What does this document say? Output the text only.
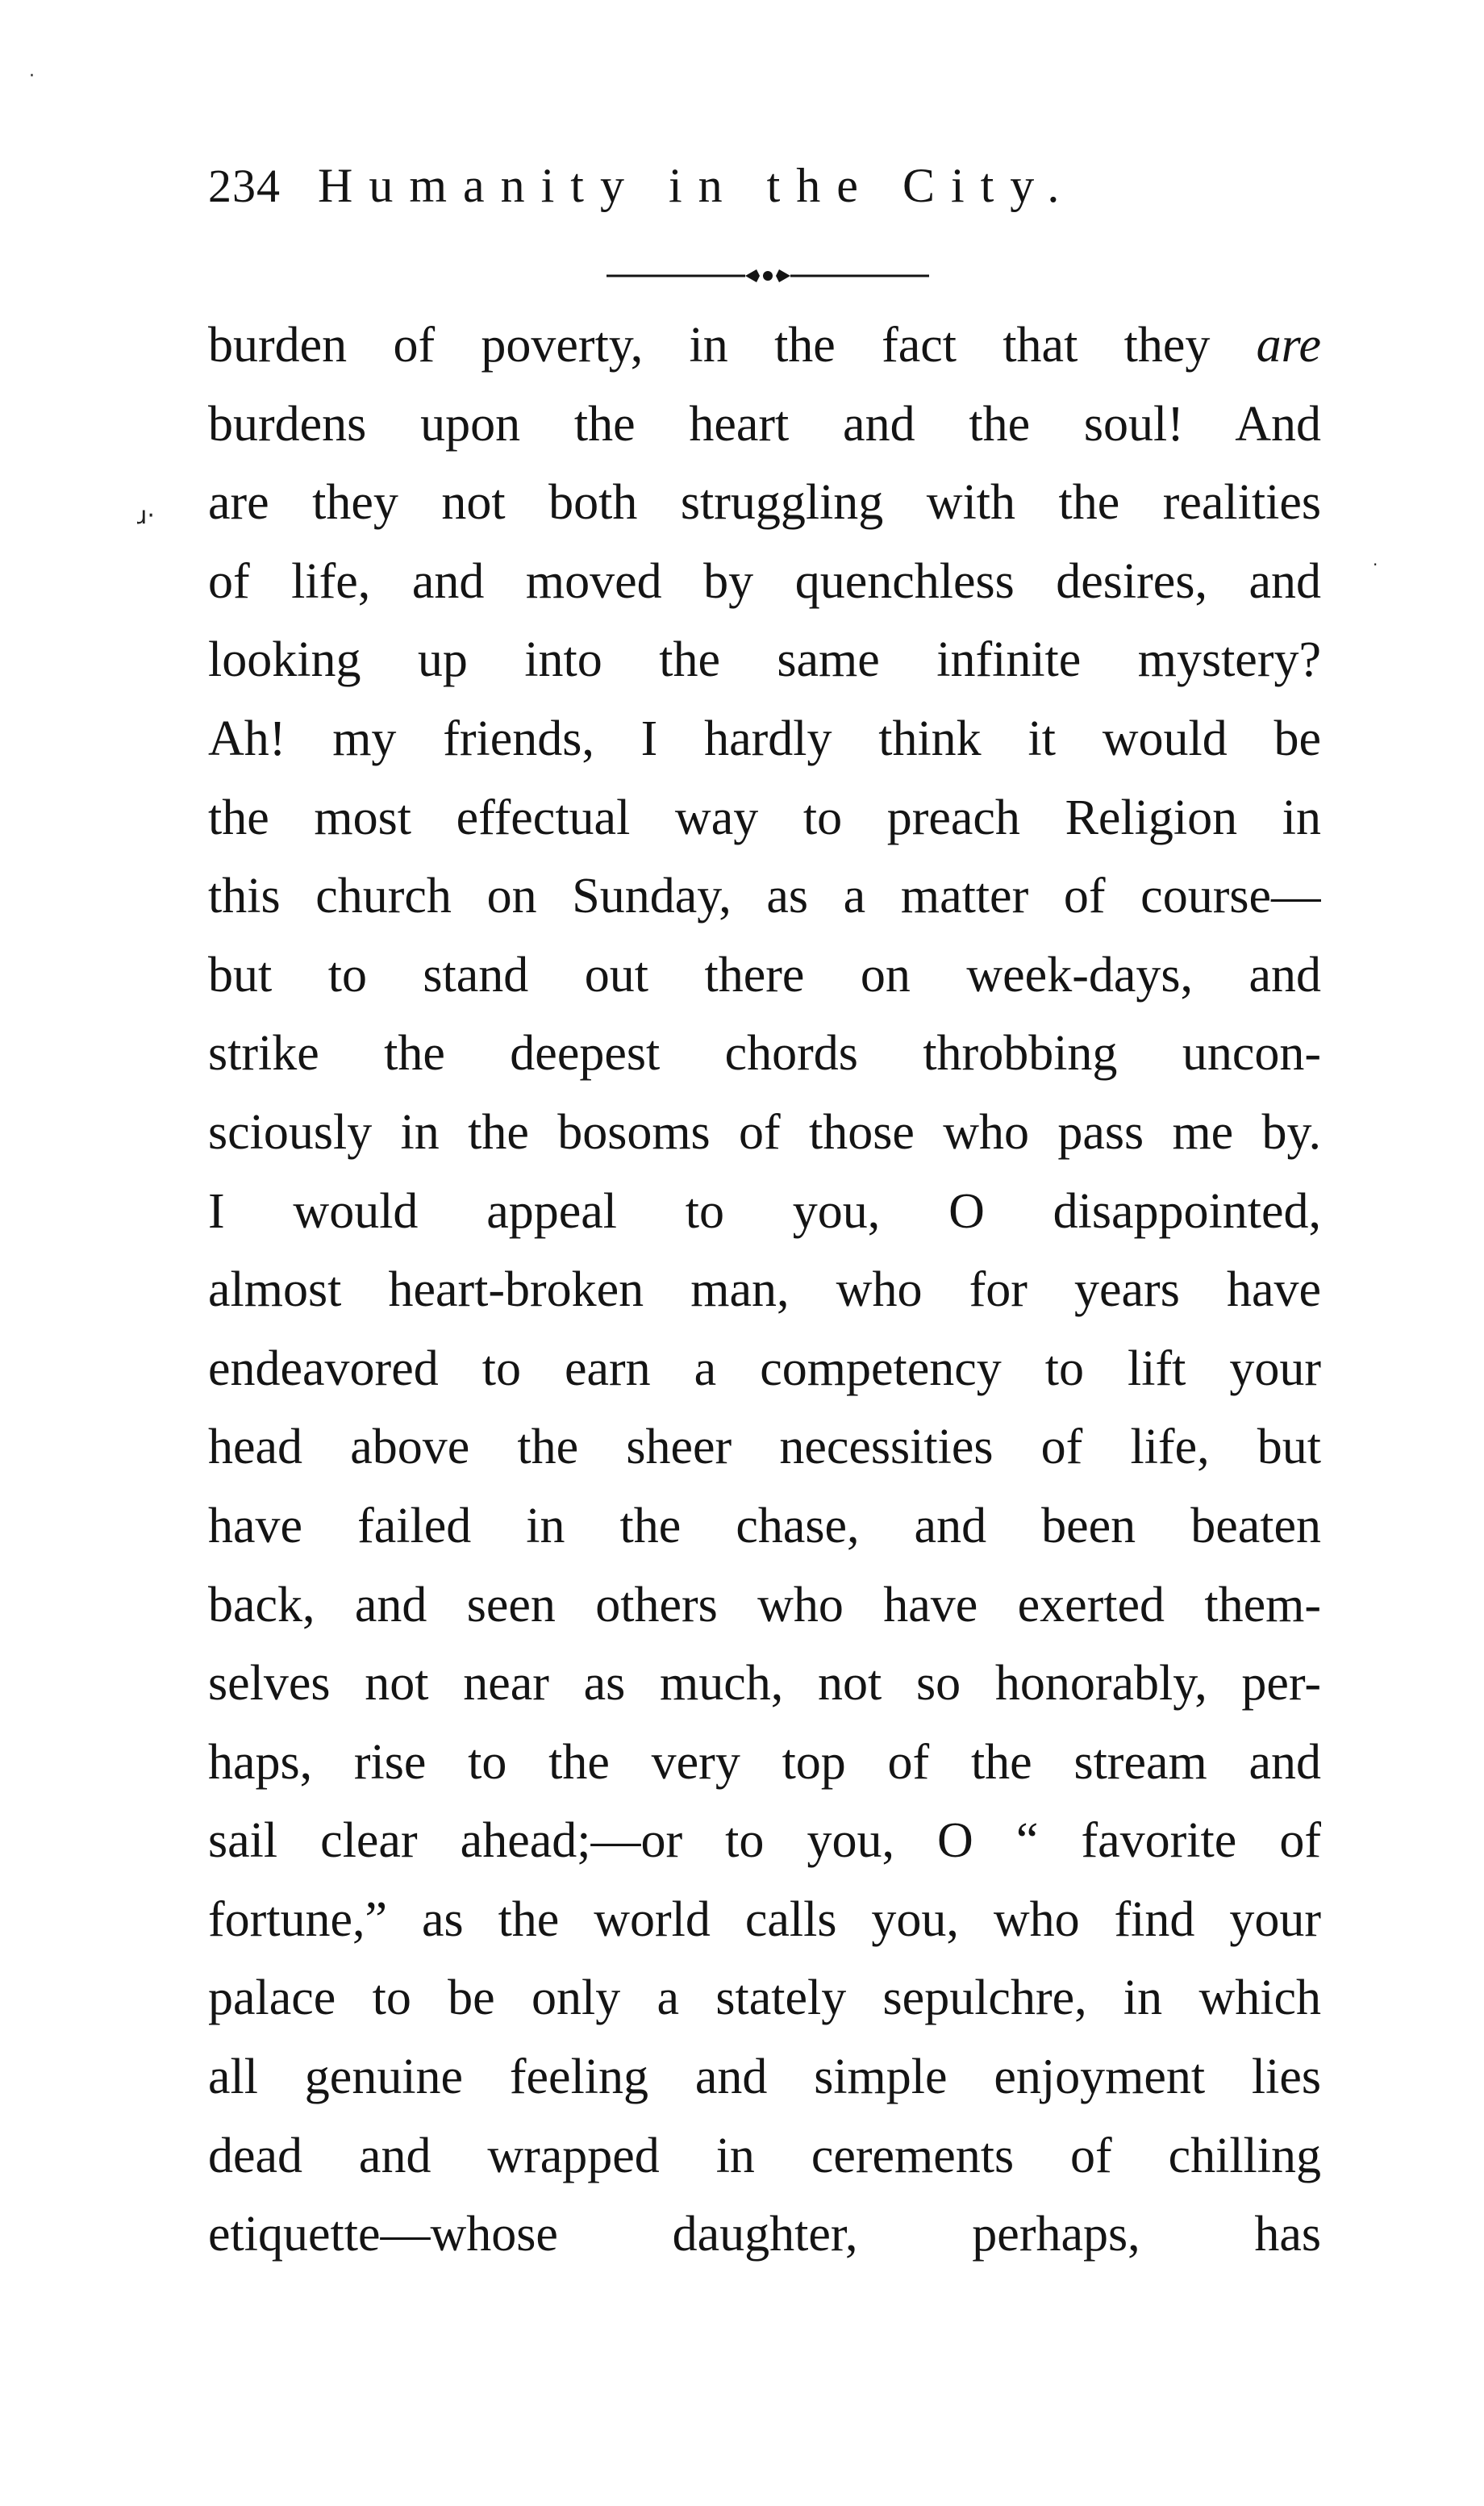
·
ɹ·
·
234 Humanity in the City.
burden of poverty, in the fact that they are
burdens upon the heart and the soul! And
are they not both struggling with the realities
of life, and moved by quenchless desires, and
looking up into the same infinite mystery?
Ah! my friends, I hardly think it would be
the most effectual way to preach Religion in
this church on Sunday, as a matter of course—
but to stand out there on week-days, and
strike the deepest chords throbbing uncon-
sciously in the bosoms of those who pass me by.
I would appeal to you, O disappointed,
almost heart-broken man, who for years have
endeavored to earn a competency to lift your
head above the sheer necessities of life, but
have failed in the chase, and been beaten
back, and seen others who have exerted them-
selves not near as much, not so honorably, per-
haps, rise to the very top of the stream and
sail clear ahead;—or to you, O “ favorite of
fortune,” as the world calls you, who find your
palace to be only a stately sepulchre, in which
all genuine feeling and simple enjoyment lies
dead and wrapped in cerements of chilling
etiquette—whose daughter, perhaps, has
